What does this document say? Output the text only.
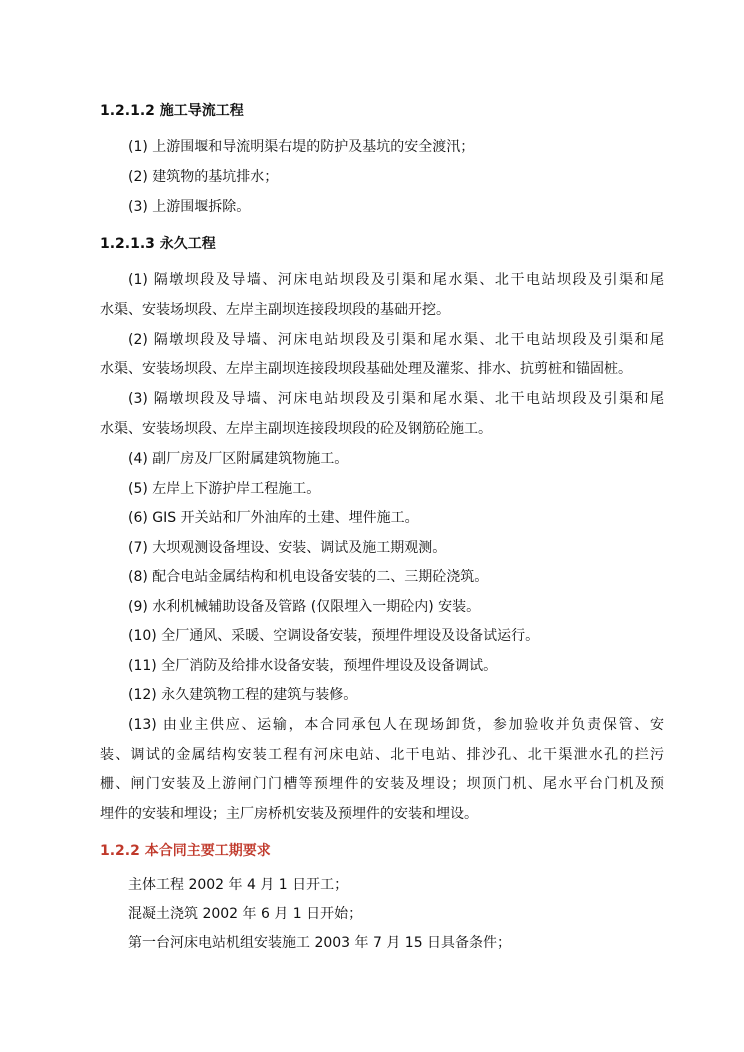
1.2.1.2 施工导流工程
(1) 上游围堰和导流明渠右堤的防护及基坑的安全渡汛；
(2) 建筑物的基坑排水；
(3) 上游围堰拆除。
1.2.1.3 永久工程
(1) 隔墩坝段及导墙、河床电站坝段及引渠和尾水渠、北干电站坝段及引渠和尾
水渠、安装场坝段、左岸主副坝连接段坝段的基础开挖。
(2) 隔墩坝段及导墙、河床电站坝段及引渠和尾水渠、北干电站坝段及引渠和尾
水渠、安装场坝段、左岸主副坝连接段坝段基础处理及灌浆、排水、抗剪桩和锚固桩。
(3) 隔墩坝段及导墙、河床电站坝段及引渠和尾水渠、北干电站坝段及引渠和尾
水渠、安装场坝段、左岸主副坝连接段坝段的砼及钢筋砼施工。
(4) 副厂房及厂区附属建筑物施工。
(5) 左岸上下游护岸工程施工。
(6) GIS 开关站和厂外油库的土建、埋件施工。
(7) 大坝观测设备埋设、安装、调试及施工期观测。
(8) 配合电站金属结构和机电设备安装的二、三期砼浇筑。
(9) 水利机械辅助设备及管路 (仅限埋入一期砼内) 安装。
(10) 全厂通风、采暖、空调设备安装，预埋件埋设及设备试运行。
(11) 全厂消防及给排水设备安装，预埋件埋设及设备调试。
(12) 永久建筑物工程的建筑与装修。
(13) 由业主供应、运输，本合同承包人在现场卸货，参加验收并负责保管、安
装、调试的金属结构安装工程有河床电站、北干电站、排沙孔、北干渠泄水孔的拦污
栅、闸门安装及上游闸门门槽等预埋件的安装及埋设；坝顶门机、尾水平台门机及预
埋件的安装和埋设；主厂房桥机安装及预埋件的安装和埋设。
1.2.2 本合同主要工期要求
主体工程 2002 年 4 月 1 日开工；
混凝土浇筑 2002 年 6 月 1 日开始；
第一台河床电站机组安装施工 2003 年 7 月 15 日具备条件；
